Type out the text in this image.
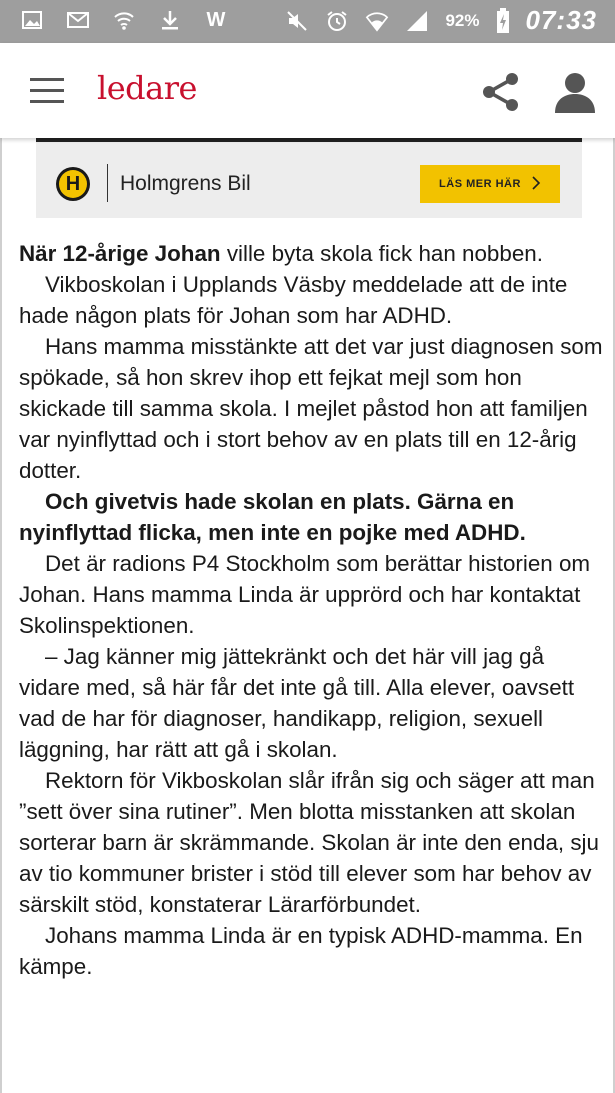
W	92% 07:33
ledare
H	Holmgrens Bil	LÄS MER HÄR

När 12-årige Johan ville byta skola fick han nobben.

Vikboskolan i Upplands Väsby meddelade att de inte hade någon plats för Johan som har ADHD.

Hans mamma misstänkte att det var just diagnosen som spökade, så hon skrev ihop ett fejkat mejl som hon skickade till samma skola. I mejlet påstod hon att familjen var nyinflyttad och i stort behov av en plats till en 12-årig dotter.

Och givetvis hade skolan en plats. Gärna en nyinflyttad flicka, men inte en pojke med ADHD.

Det är radions P4 Stockholm som berättar historien om Johan. Hans mamma Linda är upprörd och har kontaktat Skolinspektionen.

– Jag känner mig jättekränkt och det här vill jag gå vidare med, så här får det inte gå till. Alla elever, oavsett vad de har för diagnoser, handikapp, religion, sexuell läggning, har rätt att gå i skolan.

Rektorn för Vikboskolan slår ifrån sig och säger att man ”sett över sina rutiner”. Men blotta misstanken att skolan sorterar barn är skrämmande. Skolan är inte den enda, sju av tio kommuner brister i stöd till elever som har behov av särskilt stöd, konstaterar Lärarförbundet.

Johans mamma Linda är en typisk ADHD-mamma. En kämpe.
